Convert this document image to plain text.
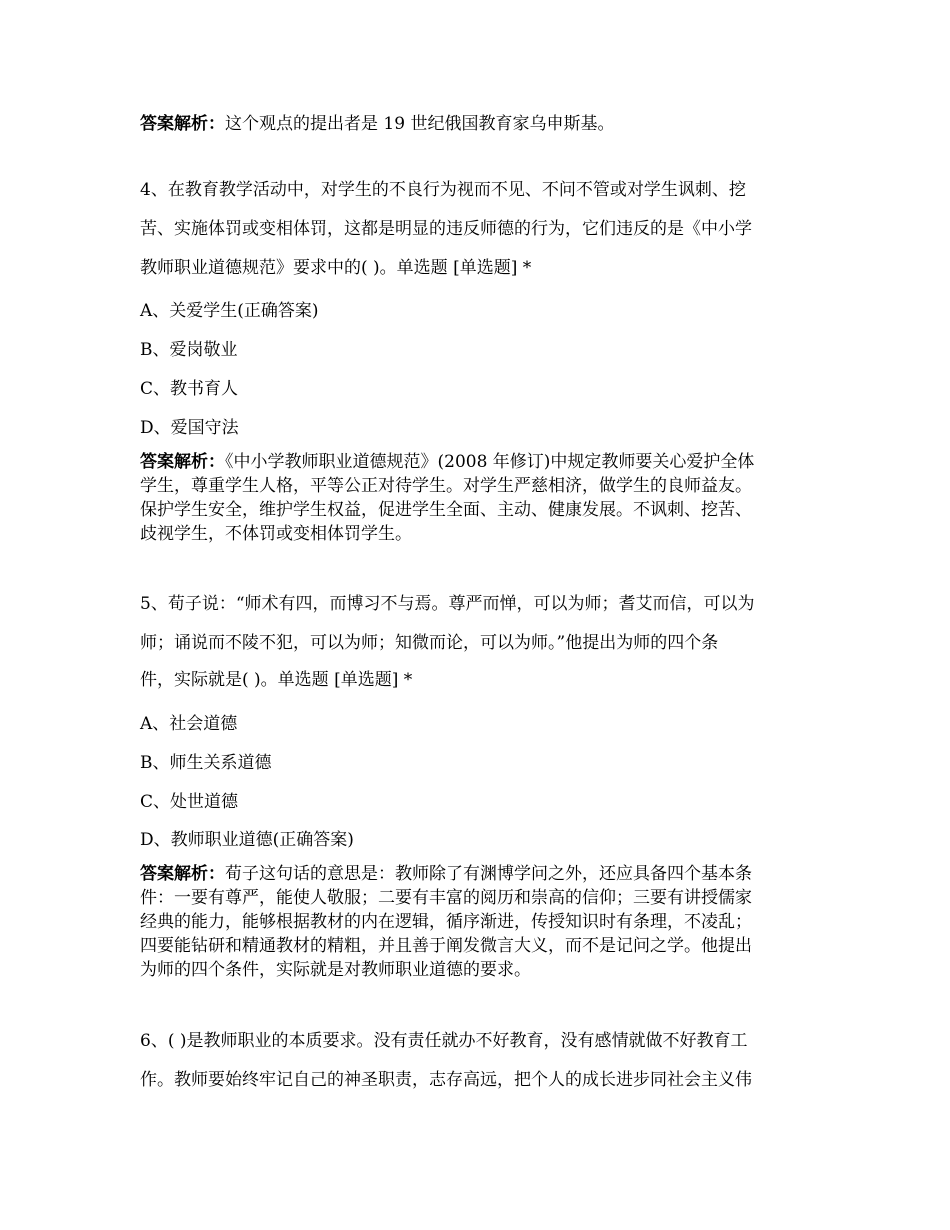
答案解析：这个观点的提出者是 19 世纪俄国教育家乌申斯基。
4、在教育教学活动中，对学生的不良行为视而不见、不问不管或对学生讽刺、挖
苦、实施体罚或变相体罚，这都是明显的违反师德的行为，它们违反的是《中小学
教师职业道德规范》要求中的( )。单选题 [单选题] *
A、关爱学生(正确答案)
B、爱岗敬业
C、教书育人
D、爱国守法
答案解析：《中小学教师职业道德规范》(2008 年修订)中规定教师要关心爱护全体
学生，尊重学生人格，平等公正对待学生。对学生严慈相济，做学生的良师益友。
保护学生安全，维护学生权益，促进学生全面、主动、健康发展。不讽刺、挖苦、
歧视学生，不体罚或变相体罚学生。
5、荀子说：“师术有四，而博习不与焉。尊严而惮，可以为师；耆艾而信，可以为
师；诵说而不陵不犯，可以为师；知微而论，可以为师。”他提出为师的四个条
件，实际就是( )。单选题 [单选题] *
A、社会道德
B、师生关系道德
C、处世道德
D、教师职业道德(正确答案)
答案解析：荀子这句话的意思是：教师除了有渊博学问之外，还应具备四个基本条
件：一要有尊严，能使人敬服；二要有丰富的阅历和崇高的信仰；三要有讲授儒家
经典的能力，能够根据教材的内在逻辑，循序渐进，传授知识时有条理，不凌乱；
四要能钻研和精通教材的精粗，并且善于阐发微言大义，而不是记问之学。他提出
为师的四个条件，实际就是对教师职业道德的要求。
6、( )是教师职业的本质要求。没有责任就办不好教育，没有感情就做不好教育工
作。教师要始终牢记自己的神圣职责，志存高远，把个人的成长进步同社会主义伟
